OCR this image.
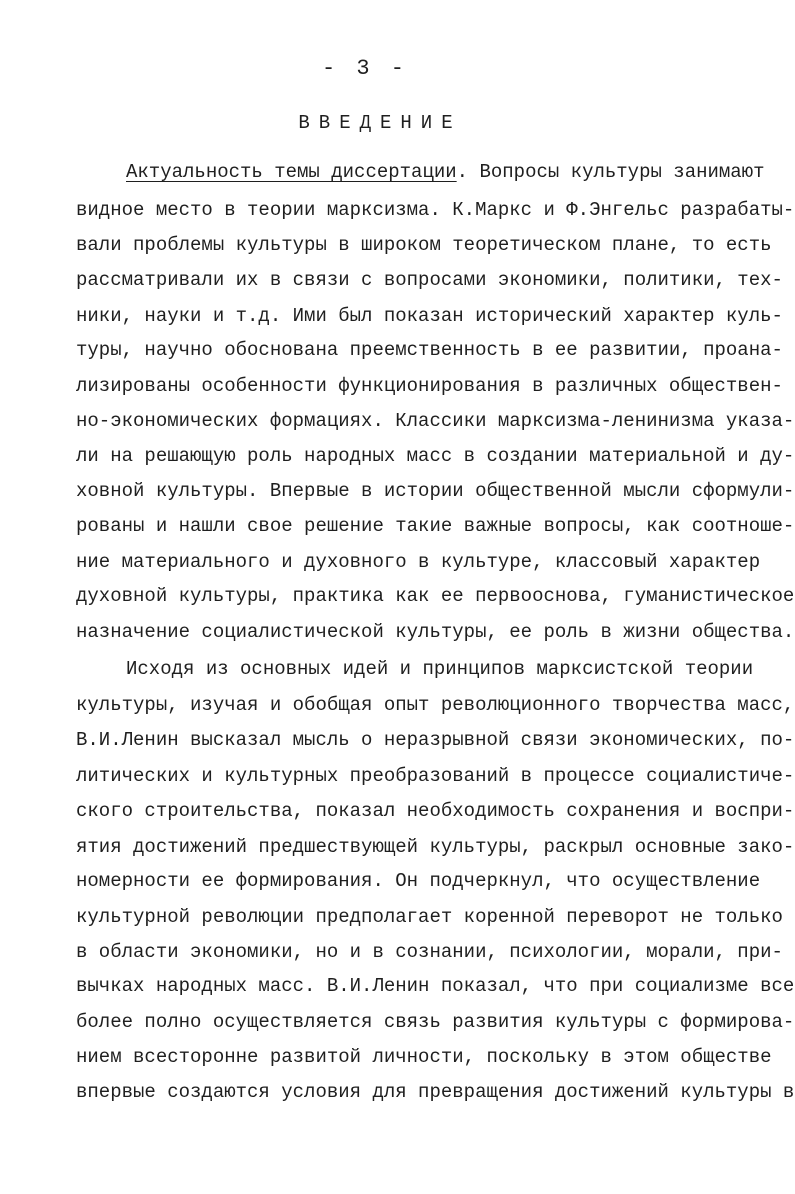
- 3 -
ВВЕДЕНИЕ
Актуальность темы диссертации. Вопросы культуры занимают
видное место в теории марксизма. К.Маркс и Ф.Энгельс разрабаты-
вали проблемы культуры в широком теоретическом плане, то есть
рассматривали их в связи с вопросами экономики, политики, тех-
ники, науки и т.д. Ими был показан исторический характер куль-
туры, научно обоснована преемственность в ее развитии, проана-
лизированы особенности функционирования в различных обществен-
но-экономических формациях. Классики марксизма-ленинизма указа-
ли на решающую роль народных масс в создании материальной и ду-
ховной культуры. Впервые в истории общественной мысли сформули-
рованы и нашли свое решение такие важные вопросы, как соотноше-
ние материального и духовного в культуре, классовый характер
духовной культуры, практика как ее первооснова, гуманистическое
назначение социалистической культуры, ее роль в жизни общества.
Исходя из основных идей и принципов марксистской теории
культуры, изучая и обобщая опыт революционного творчества масс,
В.И.Ленин высказал мысль о неразрывной связи экономических, по-
литических и культурных преобразований в процессе социалистиче-
ского строительства, показал необходимость сохранения и воспри-
ятия достижений предшествующей культуры, раскрыл основные зако-
номерности ее формирования. Он подчеркнул, что осуществление
культурной революции предполагает коренной переворот не только
в области экономики, но и в сознании, психологии, морали, при-
вычках народных масс. В.И.Ленин показал, что при социализме все
более полно осуществляется связь развития культуры с формирова-
нием всесторонне развитой личности, поскольку в этом обществе
впервые создаются условия для превращения достижений культуры в
